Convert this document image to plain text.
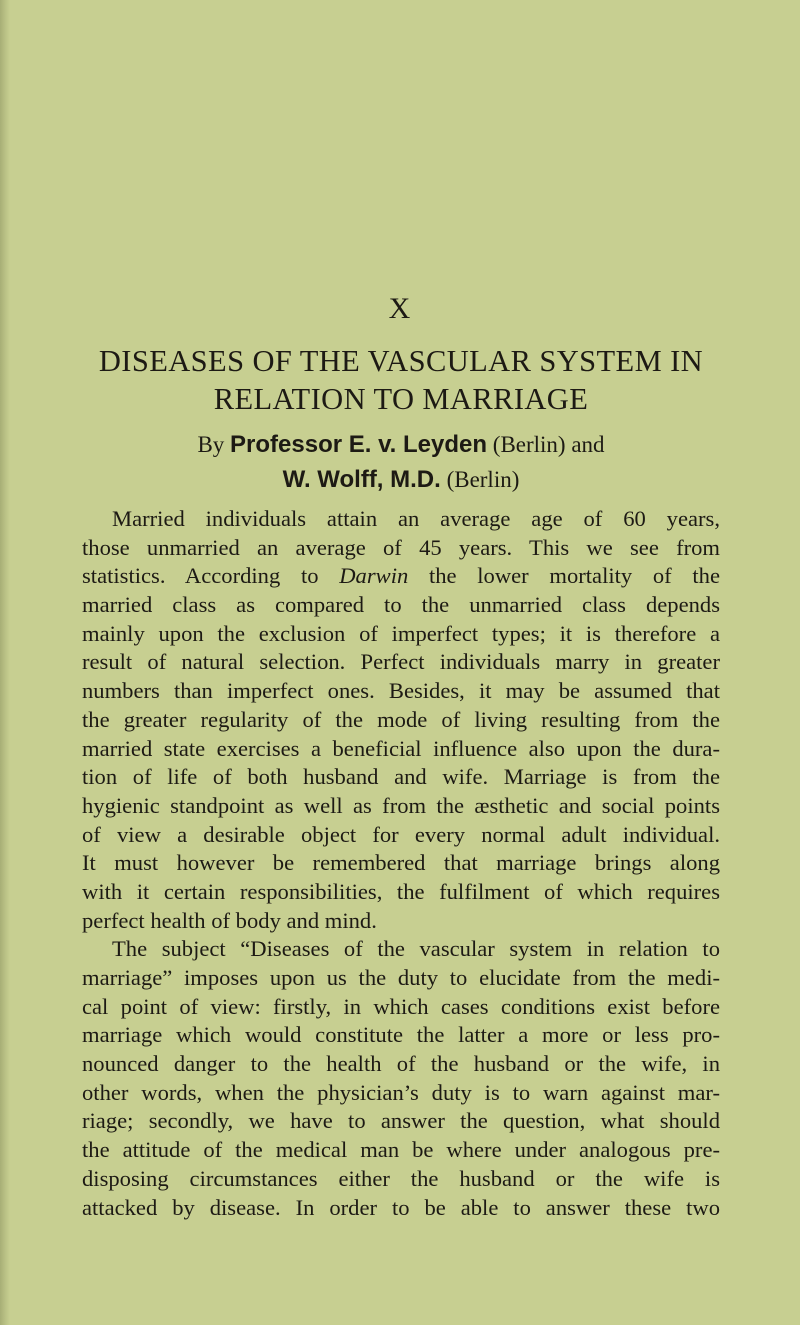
X
DISEASES OF THE VASCULAR SYSTEM IN
RELATION TO MARRIAGE
By Professor E. v. Leyden (Berlin) and
W. Wolff, M.D. (Berlin)
Married individuals attain an average age of 60 years,
those unmarried an average of 45 years. This we see from
statistics. According to Darwin the lower mortality of the
married class as compared to the unmarried class depends
mainly upon the exclusion of imperfect types; it is therefore a
result of natural selection. Perfect individuals marry in greater
numbers than imperfect ones. Besides, it may be assumed that
the greater regularity of the mode of living resulting from the
married state exercises a beneficial influence also upon the dura-
tion of life of both husband and wife. Marriage is from the
hygienic standpoint as well as from the æsthetic and social points
of view a desirable object for every normal adult individual.
It must however be remembered that marriage brings along
with it certain responsibilities, the fulfilment of which requires
perfect health of body and mind.
The subject “Diseases of the vascular system in relation to
marriage” imposes upon us the duty to elucidate from the medi-
cal point of view: firstly, in which cases conditions exist before
marriage which would constitute the latter a more or less pro-
nounced danger to the health of the husband or the wife, in
other words, when the physician’s duty is to warn against mar-
riage; secondly, we have to answer the question, what should
the attitude of the medical man be where under analogous pre-
disposing circumstances either the husband or the wife is
attacked by disease. In order to be able to answer these two
